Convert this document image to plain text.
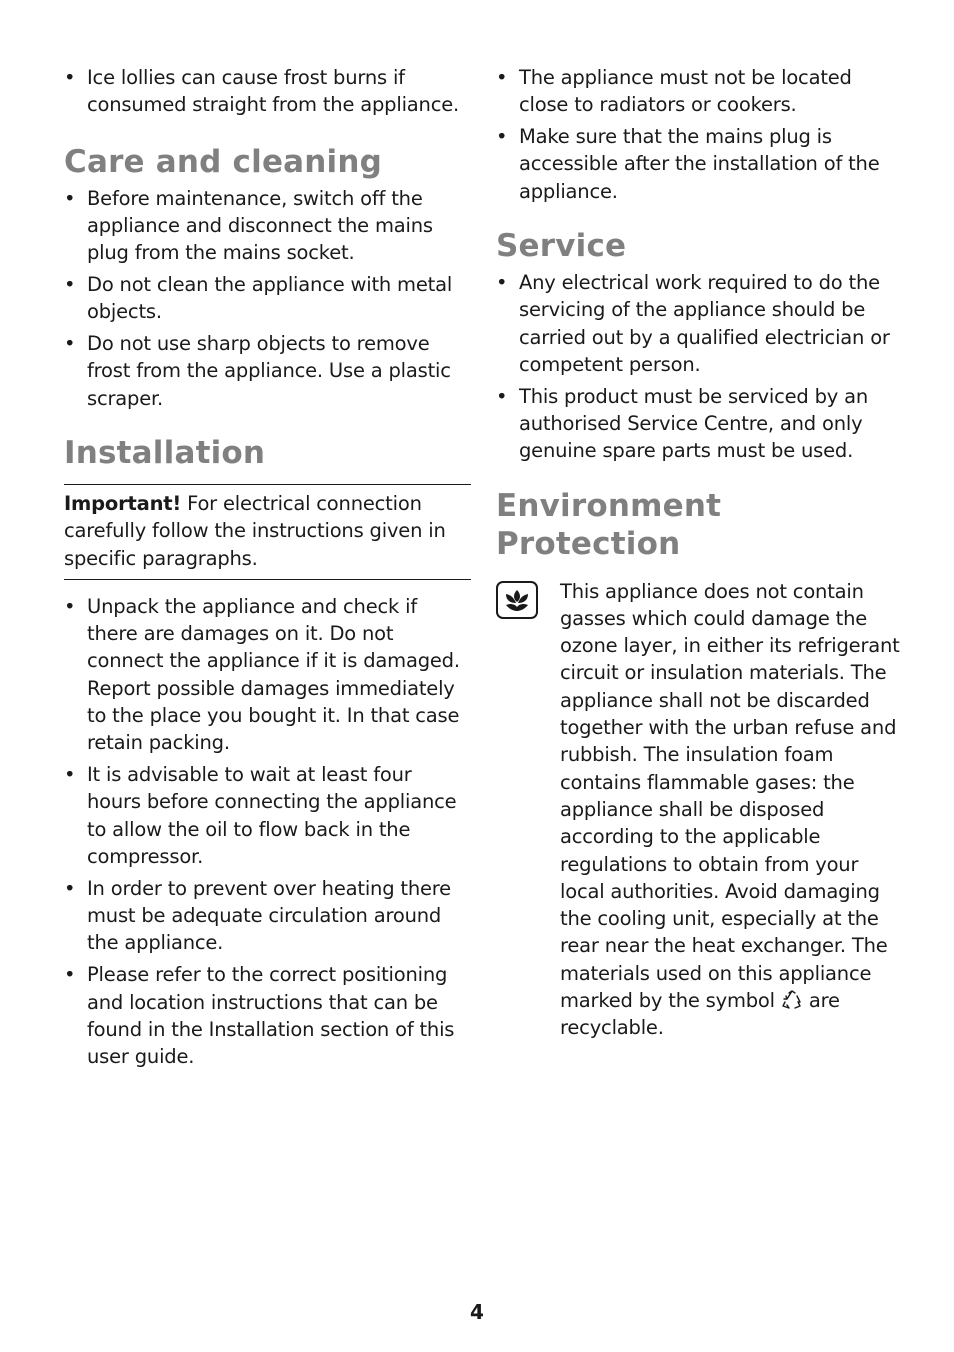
• Ice lollies can cause frost burns if consumed straight from the appliance.
Care and cleaning
• Before maintenance, switch off the appliance and disconnect the mains plug from the mains socket.
• Do not clean the appliance with metal objects.
• Do not use sharp objects to remove frost from the appliance. Use a plastic scraper.
Installation
Important! For electrical connection carefully follow the instructions given in specific paragraphs.
• Unpack the appliance and check if there are damages on it. Do not connect the appliance if it is damaged. Report possible damages immediately to the place you bought it. In that case retain packing.
• It is advisable to wait at least four hours before connecting the appliance to allow the oil to flow back in the compressor.
• In order to prevent over heating there must be adequate circulation around the appliance.
• Please refer to the correct positioning and location instructions that can be found in the Installation section of this user guide.
• The appliance must not be located close to radiators or cookers.
• Make sure that the mains plug is accessible after the installation of the appliance.
Service
• Any electrical work required to do the servicing of the appliance should be carried out by a qualified electrician or competent person.
• This product must be serviced by an authorised Service Centre, and only genuine spare parts must be used.
Environment Protection
This appliance does not contain gasses which could damage the ozone layer, in either its refrigerant circuit or insulation materials. The appliance shall not be discarded together with the urban refuse and rubbish. The insulation foam contains flammable gases: the appliance shall be disposed according to the applicable regulations to obtain from your local authorities. Avoid damaging the cooling unit, especially at the rear near the heat exchanger. The materials used on this appliance marked by the symbol  are recyclable.
4
